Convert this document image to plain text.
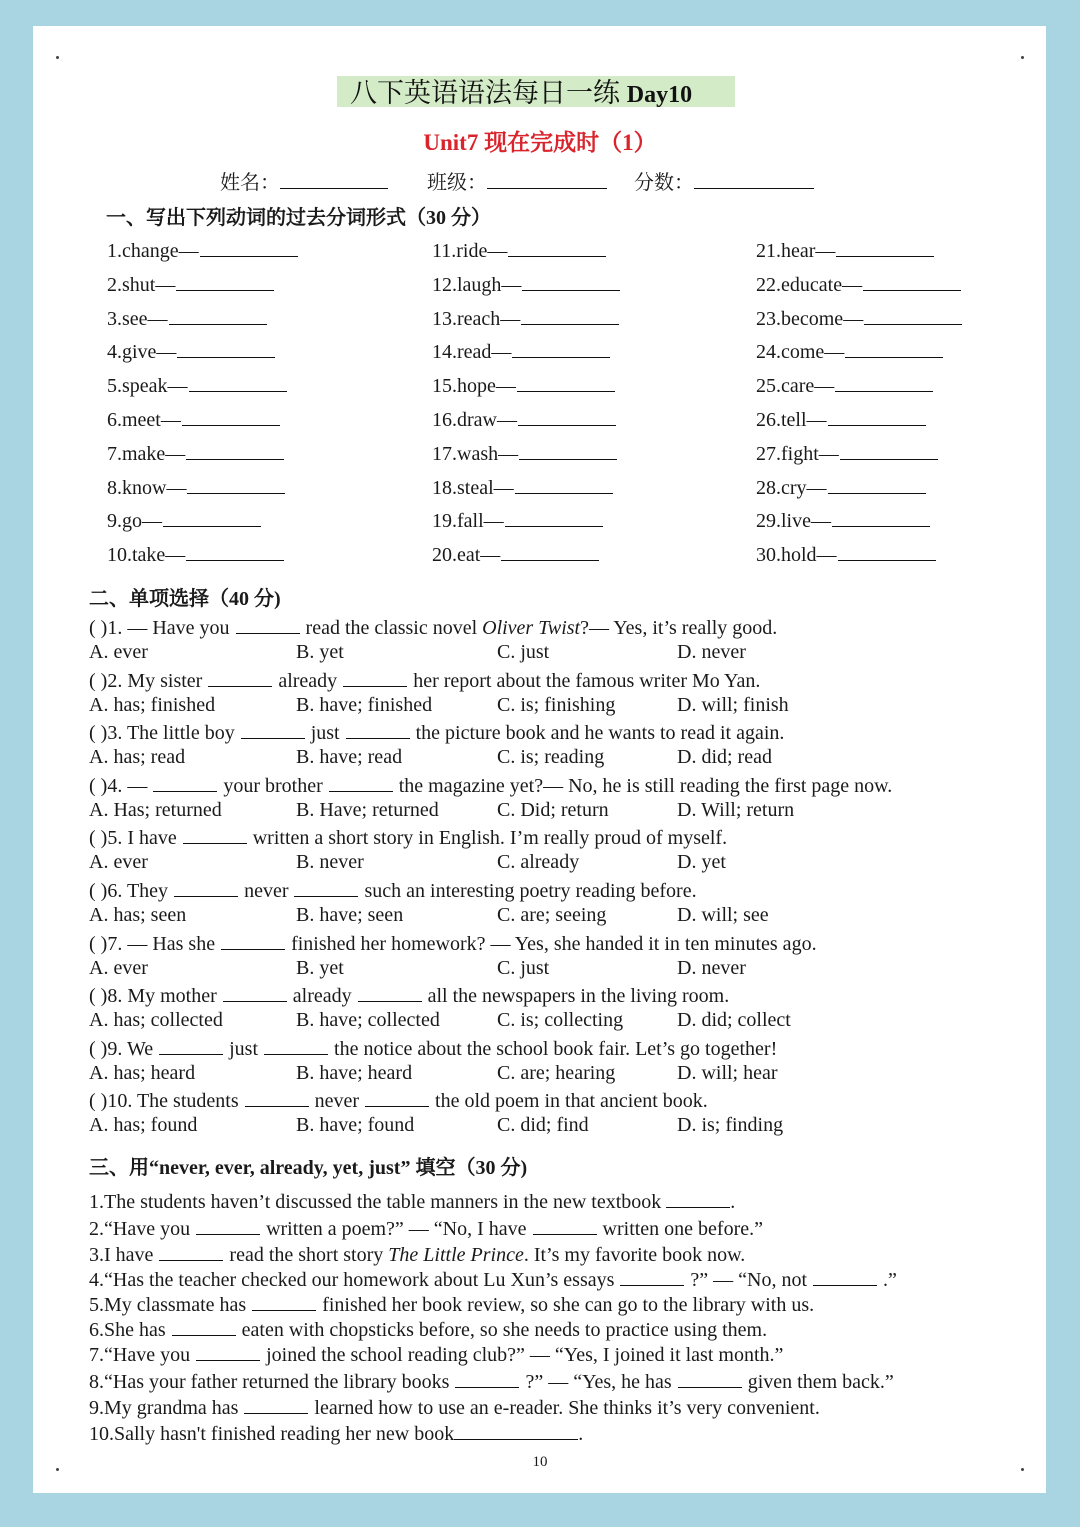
八下英语语法每日一练 Day10
Unit7 现在完成时（1）
姓名：	班级：	分数：
一、写出下列动词的过去分词形式（30 分）
1.change—
2.shut—
3.see—
4.give—
5.speak—
6.meet—
7.make—
8.know—
9.go—
10.take—
11.ride—
12.laugh—
13.reach—
14.read—
15.hope—
16.draw—
17.wash—
18.steal—
19.fall—
20.eat—
21.hear—
22.educate—
23.become—
24.come—
25.care—
26.tell—
27.fight—
28.cry—
29.live—
30.hold—
二、单项选择（40 分)
( )1. — Have you	read the classic novel Oliver Twist?— Yes, it’s really good.
A. ever	B. yet	C. just	D. never
( )2. My sister	already	her report about the famous writer Mo Yan.
A. has; finished	B. have; finished	C. is; finishing	D. will; finish
( )3. The little boy	just	the picture book and he wants to read it again.
A. has; read	B. have; read	C. is; reading	D. did; read
( )4. —	your brother	the magazine yet?— No, he is still reading the first page now.
A. Has; returned	B. Have; returned	C. Did; return	D. Will; return
( )5. I have	written a short story in English. I’m really proud of myself.
A. ever	B. never	C. already	D. yet
( )6. They	never	such an interesting poetry reading before.
A. has; seen	B. have; seen	C. are; seeing	D. will; see
( )7. — Has she	finished her homework? — Yes, she handed it in ten minutes ago.
A. ever	B. yet	C. just	D. never
( )8. My mother	already	all the newspapers in the living room.
A. has; collected	B. have; collected	C. is; collecting	D. did; collect
( )9. We	just	the notice about the school book fair. Let’s go together!
A. has; heard	B. have; heard	C. are; hearing	D. will; hear
( )10. The students	never	the old poem in that ancient book.
A. has; found	B. have; found	C. did; find	D. is; finding
三、用“never, ever, already, yet, just” 填空（30 分)
1.The students haven’t discussed the table manners in the new textbook	.
2.“Have you	written a poem?” — “No, I have	written one before.”
3.I have	read the short story The Little Prince. It’s my favorite book now.
4.“Has the teacher checked our homework about Lu Xun’s essays	?” — “No, not	.”
5.My classmate has	finished her book review, so she can go to the library with us.
6.She has	eaten with chopsticks before, so she needs to practice using them.
7.“Have you	joined the school reading club?” — “Yes, I joined it last month.”
8.“Has your father returned the library books	?” — “Yes, he has	given them back.”
9.My grandma has	learned how to use an e-reader. She thinks it’s very convenient.
10.Sally hasn't finished reading her new book	.
10
